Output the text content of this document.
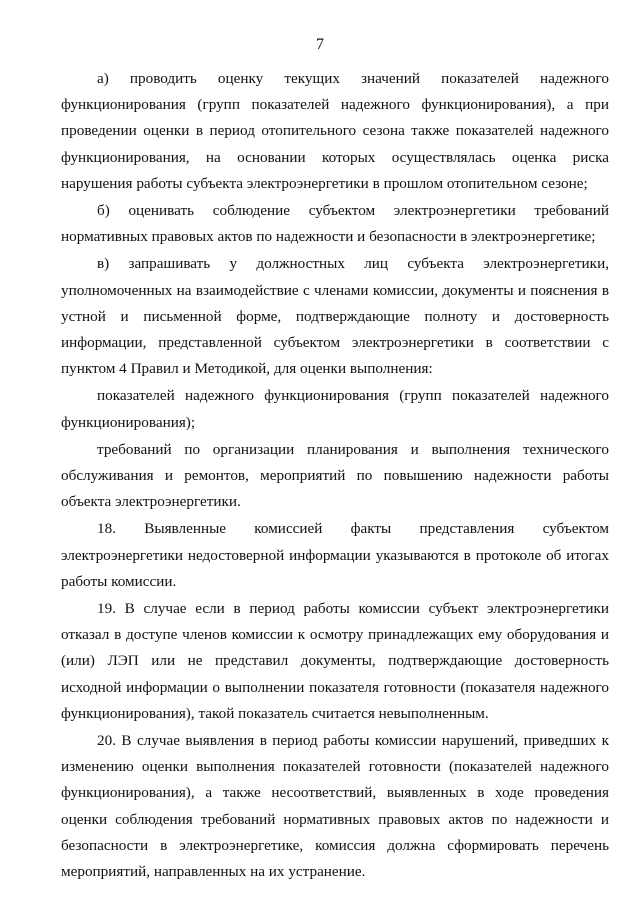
7

а) проводить оценку текущих значений показателей надежного функционирования (групп показателей надежного функционирования), а при проведении оценки в период отопительного сезона также показателей надежного функционирования, на основании которых осуществлялась оценка риска нарушения работы субъекта электроэнергетики в прошлом отопительном сезоне;

б) оценивать соблюдение субъектом электроэнергетики требований нормативных правовых актов по надежности и безопасности в электроэнергетике;

в) запрашивать у должностных лиц субъекта электроэнергетики, уполномоченных на взаимодействие с членами комиссии, документы и пояснения в устной и письменной форме, подтверждающие полноту и достоверность информации, представленной субъектом электроэнергетики в соответствии с пунктом 4 Правил и Методикой, для оценки выполнения:

показателей надежного функционирования (групп показателей надежного функционирования);

требований по организации планирования и выполнения технического обслуживания и ремонтов, мероприятий по повышению надежности работы объекта электроэнергетики.

18. Выявленные комиссией факты представления субъектом электроэнергетики недостоверной информации указываются в протоколе об итогах работы комиссии.

19. В случае если в период работы комиссии субъект электроэнергетики отказал в доступе членов комиссии к осмотру принадлежащих ему оборудования и (или) ЛЭП или не представил документы, подтверждающие достоверность исходной информации о выполнении показателя готовности (показателя надежного функционирования), такой показатель считается невыполненным.

20. В случае выявления в период работы комиссии нарушений, приведших к изменению оценки выполнения показателей готовности (показателей надежного функционирования), а также несоответствий, выявленных в ходе проведения оценки соблюдения требований нормативных правовых актов по надежности и безопасности в электроэнергетике, комиссия должна сформировать перечень мероприятий, направленных на их устранение.
